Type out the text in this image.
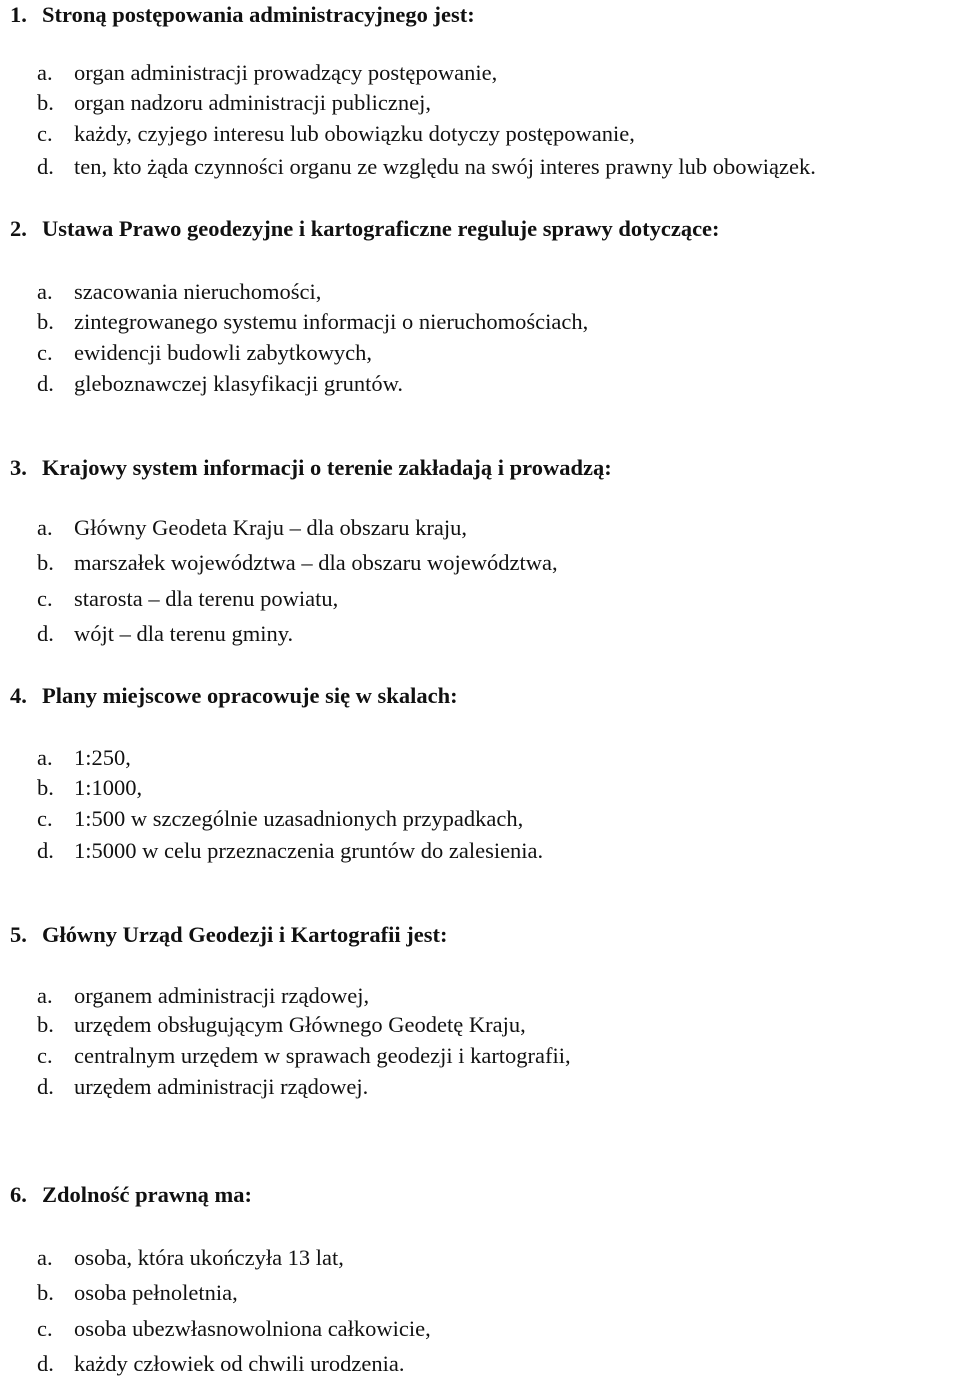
1. Stroną postępowania administracyjnego jest:
a. organ administracji prowadzący postępowanie,
b. organ nadzoru administracji publicznej,
c. każdy, czyjego interesu lub obowiązku dotyczy postępowanie,
d. ten, kto żąda czynności organu ze względu na swój interes prawny lub obowiązek.
2. Ustawa Prawo geodezyjne i kartograficzne reguluje sprawy dotyczące:
a. szacowania nieruchomości,
b. zintegrowanego systemu informacji o nieruchomościach,
c. ewidencji budowli zabytkowych,
d. gleboznawczej klasyfikacji gruntów.
3. Krajowy system informacji o terenie zakładają i prowadzą:
a. Główny Geodeta Kraju – dla obszaru kraju,
b. marszałek województwa – dla obszaru województwa,
c. starosta – dla terenu powiatu,
d. wójt – dla terenu gminy.
4. Plany miejscowe opracowuje się w skalach:
a. 1:250,
b. 1:1000,
c. 1:500 w szczególnie uzasadnionych przypadkach,
d. 1:5000 w celu przeznaczenia gruntów do zalesienia.
5. Główny Urząd Geodezji i Kartografii jest:
a. organem administracji rządowej,
b. urzędem obsługującym Głównego Geodetę Kraju,
c. centralnym urzędem w sprawach geodezji i kartografii,
d. urzędem administracji rządowej.
6. Zdolność prawną ma:
a. osoba, która ukończyła 13 lat,
b. osoba pełnoletnia,
c. osoba ubezwłasnowolniona całkowicie,
d. każdy człowiek od chwili urodzenia.
